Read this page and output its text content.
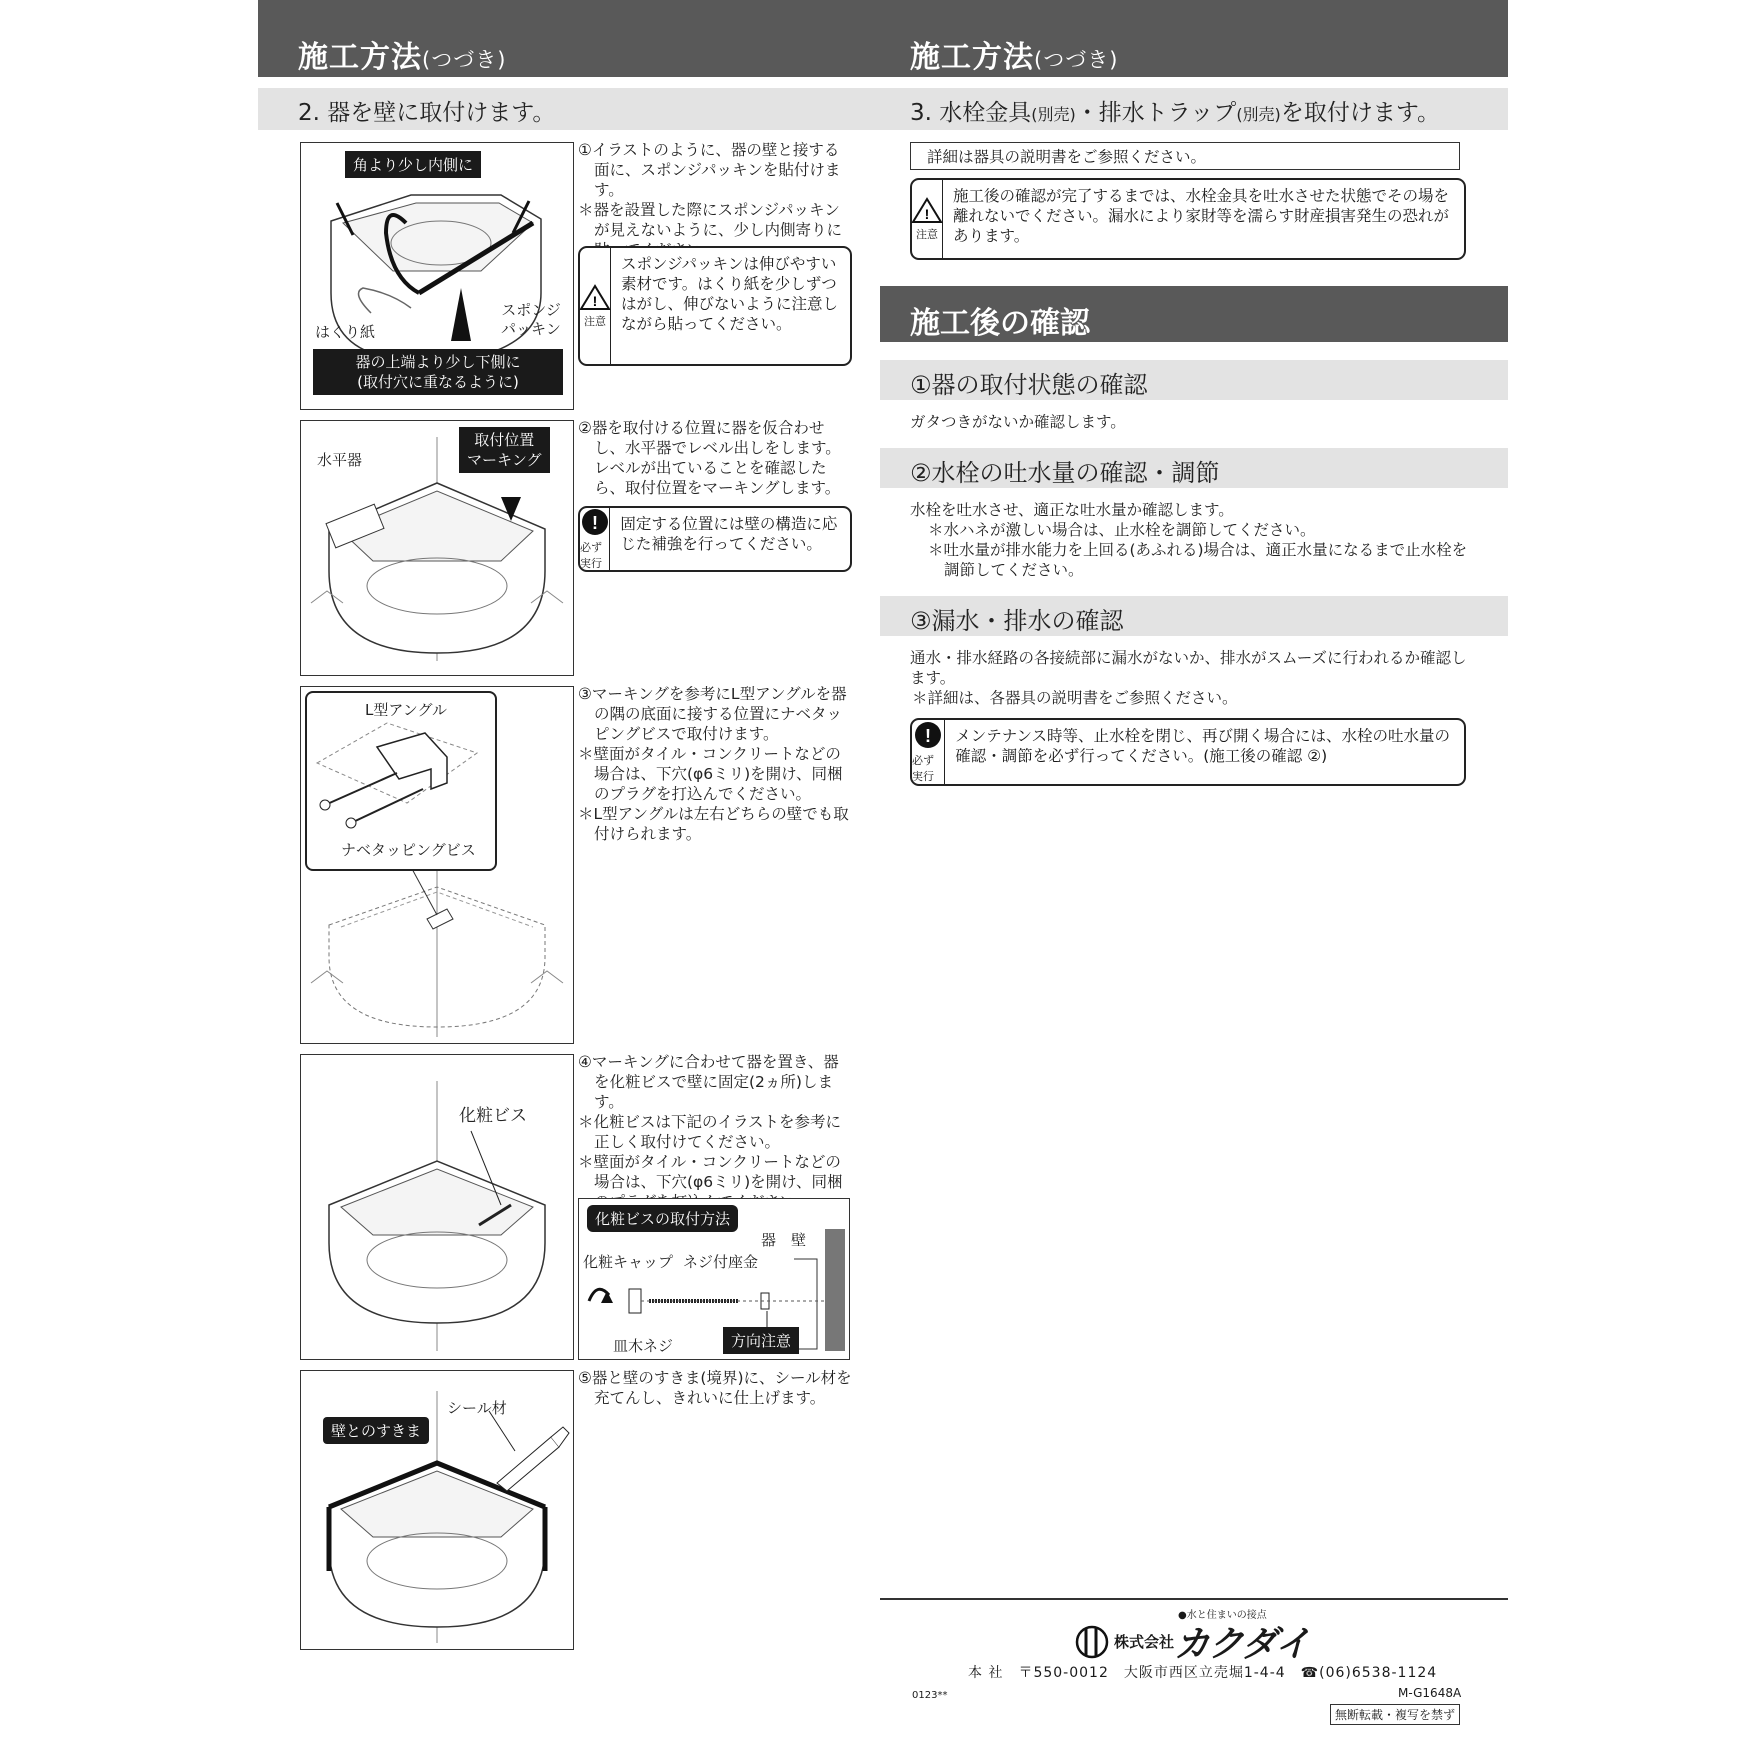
施工方法(つづき)	施工方法(つづき)
2. 器を壁に取付けます。
角より少し内側に
はくり紙
スポンジ
パッキン
器の上端より少し下側に
(取付穴に重なるように)

①イラストのように、器の壁と接する面に、スポンジパッキンを貼付けます。

＊器を設置した際にスポンジパッキンが見えないように、少し内側寄りに

!
注意
スポンジパッキンは伸びやすい素材です。はくり紙を少しずつはがし、伸びないように注意しながら貼ってください。
水平器
取付位置
マーキング

②器を取付ける位置に器を仮合わせし、水平器でレベル出しをします。

レベルが出ていることを確認したら、取付位置をマーキングします。

!
必ず実行
固定する位置には壁の構造に応じた補強を行ってください。
L型アングル
ナベタッピングビス

③マーキングを参考にL型アングルを器の隅の底面に接する位置にナベタッピングビスで取付けます。

＊壁面がタイル・コンクリートなどの場合は、下穴(φ6ミリ)を開け、同梱のプラグを打込んでください。

＊L型アングルは左右どちらの壁でも取付けられます。

化粧ビス

④マーキングに合わせて器を置き、器を化粧ビスで壁に固定(2ヵ所)します。

＊化粧ビスは下記のイラストを参考に正しく取付けてください。

＊壁面がタイル・コンクリートなどの場合は、下穴(φ6ミリ)を開け、同梱

化粧ビスの取付方法
器 壁
化粧キャップ ネジ付座金
皿木ネジ	方向注意
壁とのすきま
シール材

⑤器と壁のすきま(境界)に、シール材を充てんし、きれいに仕上げます。

3. 水栓金具(別売)・排水トラップ(別売)を取付けます。
詳細は器具の説明書をご参照ください。
!
注意
施工後の確認が完了するまでは、水栓金具を吐水させた状態でその場を離れないでください。漏水により家財等を濡らす財産損害発生の恐れがあります。
施工後の確認
①器の取付状態の確認

ガタつきがないか確認します。

②水栓の吐水量の確認・調節

水栓を吐水させ、適正な吐水量か確認します。

＊水ハネが激しい場合は、止水栓を調節してください。

＊吐水量が排水能力を上回る(あふれる)場合は、適正水量になるまで止水栓を調節してください。

③漏水・排水の確認

通水・排水経路の各接続部に漏水がないか、排水がスムーズに行われるか確認します。

＊詳細は、各器具の説明書をご参照ください。

!
必ず実行
メンテナンス時等、止水栓を閉じ、再び開く場合には、水栓の吐水量の確認・調節を必ず行ってください。(施工後の確認 ②)
●水と住まいの接点
株式会社 カクダイ
本 社　〒550-0012　大阪市西区立売堀1-4-4　☎(06)6538-1124
M-G1648A
0123**
無断転載・複写を禁ず
